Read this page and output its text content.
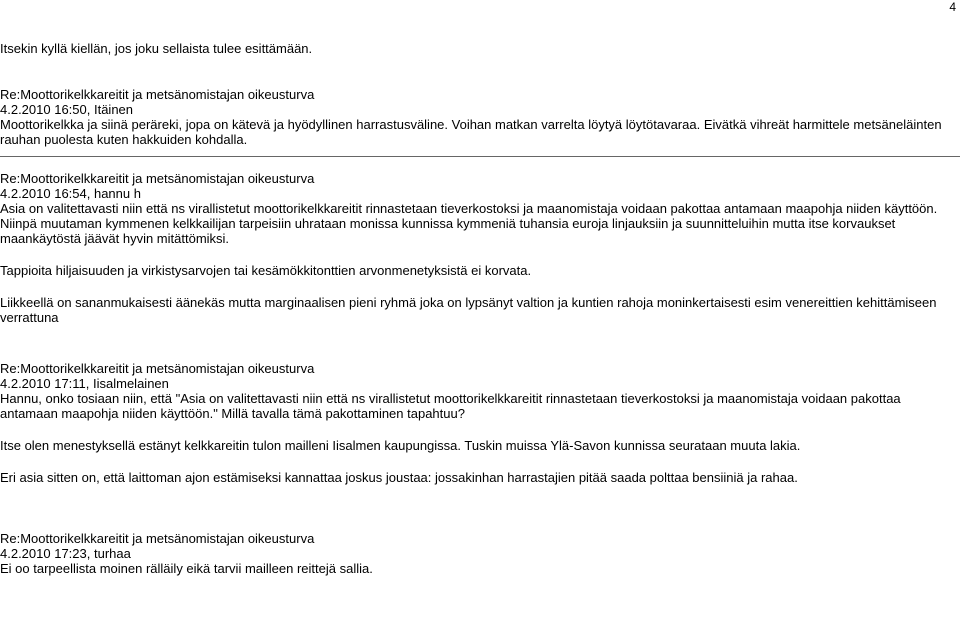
4

Itsekin kyllä kiellän, jos joku sellaista tulee esittämään.

Re:Moottorikelkkareitit ja metsänomistajan oikeusturva

4.2.2010 16:50, Itäinen

Moottorikelkka ja siinä peräreki, jopa on kätevä ja hyödyllinen harrastusväline. Voihan matkan varrelta löytyä löytötavaraa. Eivätkä vihreät harmittele metsäneläinten rauhan puolesta kuten hakkuiden kohdalla.

Re:Moottorikelkkareitit ja metsänomistajan oikeusturva

4.2.2010 16:54, hannu h

Asia on valitettavasti niin että ns virallistetut moottorikelkkareitit rinnastetaan tieverkostoksi ja maanomistaja voidaan pakottaa antamaan maapohja niiden käyttöön. Niinpä muutaman kymmenen kelkkailijan tarpeisiin uhrataan monissa kunnissa kymmeniä tuhansia euroja linjauksiin ja suunnitteluihin mutta itse korvaukset maankäytöstä jäävät hyvin mitättömiksi.

Tappioita hiljaisuuden ja virkistysarvojen tai kesämökkitonttien arvonmenetyksistä ei korvata.

Liikkeellä on sananmukaisesti äänekäs mutta marginaalisen pieni ryhmä joka on lypsänyt valtion ja kuntien rahoja moninkertaisesti esim venereittien kehittämiseen verrattuna

Re:Moottorikelkkareitit ja metsänomistajan oikeusturva

4.2.2010 17:11, Iisalmelainen

Hannu, onko tosiaan niin, että "Asia on valitettavasti niin että ns virallistetut moottorikelkkareitit rinnastetaan tieverkostoksi ja maanomistaja voidaan pakottaa antamaan maapohja niiden käyttöön." Millä tavalla tämä pakottaminen tapahtuu?

Itse olen menestyksellä estänyt kelkkareitin tulon mailleni Iisalmen kaupungissa. Tuskin muissa Ylä-Savon kunnissa seurataan muuta lakia.

Eri asia sitten on, että laittoman ajon estämiseksi kannattaa joskus joustaa: jossakinhan harrastajien pitää saada polttaa bensiiniä ja rahaa.

Re:Moottorikelkkareitit ja metsänomistajan oikeusturva

4.2.2010 17:23, turhaa

Ei oo tarpeellista moinen rälläily eikä tarvii mailleen reittejä sallia.
